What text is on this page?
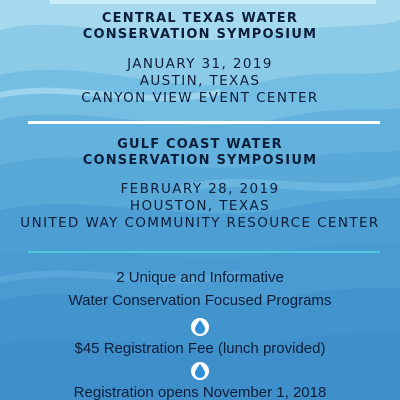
CENTRAL TEXAS WATER

CONSERVATION SYMPOSIUM

JANUARY 31, 2019

AUSTIN, TEXAS

CANYON VIEW EVENT CENTER

GULF COAST WATER

CONSERVATION SYMPOSIUM

FEBRUARY 28, 2019

HOUSTON, TEXAS

UNITED WAY COMMUNITY RESOURCE CENTER

2 Unique and Informative
Water Conservation Focused Programs
$45 Registration Fee (lunch provided)
Registration opens November 1, 2018
